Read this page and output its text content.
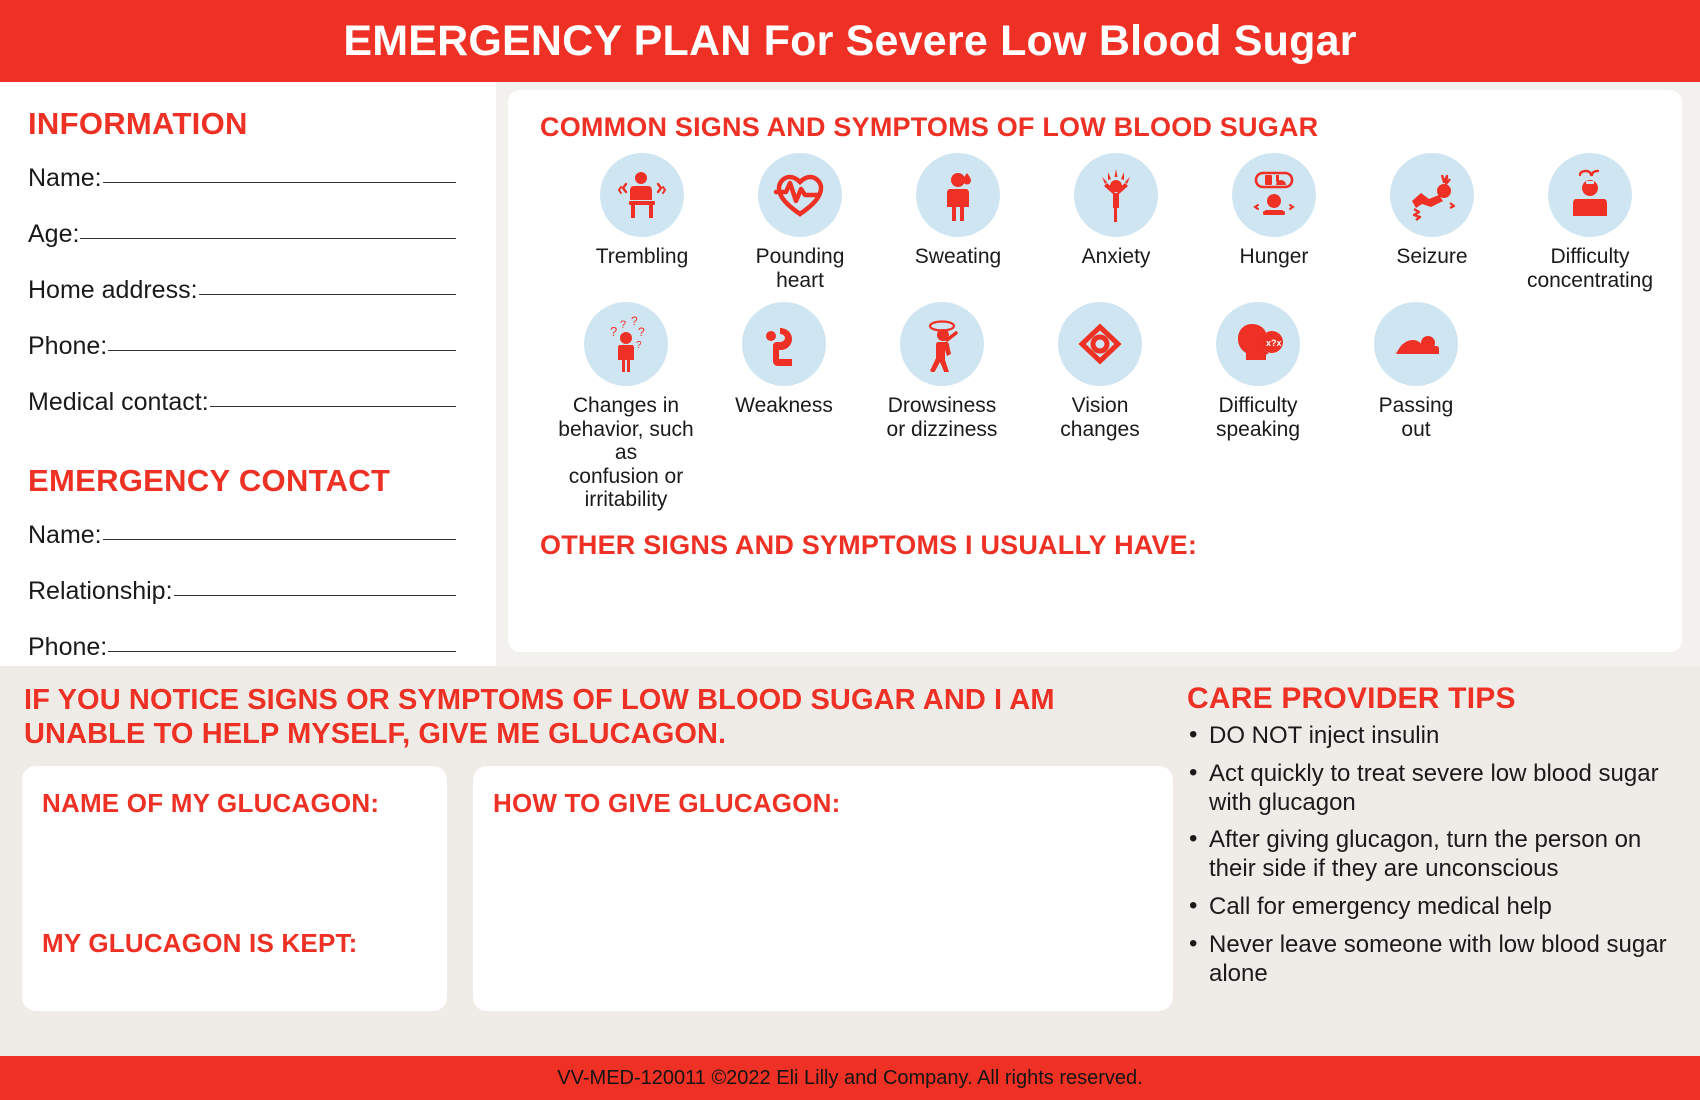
EMERGENCY PLAN For Severe Low Blood Sugar
INFORMATION
Name:
Age:
Home address:
Phone:
Medical contact:
EMERGENCY CONTACT
Name:
Relationship:
Phone:
COMMON SIGNS AND SYMPTOMS OF LOW BLOOD SUGAR
Trembling	Pounding
heart
Sweating	Anxiety	Hunger	Seizure	Difficulty
concentrating
? ? ?
?
?
Changes in
behavior, such as
confusion or
irritability
Weakness	Drowsiness
or dizziness
Vision
changes
x?x
Difficulty
speaking
Passing
out
OTHER SIGNS AND SYMPTOMS I USUALLY HAVE:
IF YOU NOTICE SIGNS OR SYMPTOMS OF LOW BLOOD SUGAR AND I AM UNABLE TO HELP MYSELF, GIVE ME GLUCAGON.
NAME OF MY GLUCAGON:
MY GLUCAGON IS KEPT:
HOW TO GIVE GLUCAGON:
CARE PROVIDER TIPS
• DO NOT inject insulin
• Act quickly to treat severe low blood sugar with glucagon
• After giving glucagon, turn the person on their side if they are unconscious
• Call for emergency medical help
• Never leave someone with low blood sugar alone
VV-MED-120011 ©2022 Eli Lilly and Company. All rights reserved.
